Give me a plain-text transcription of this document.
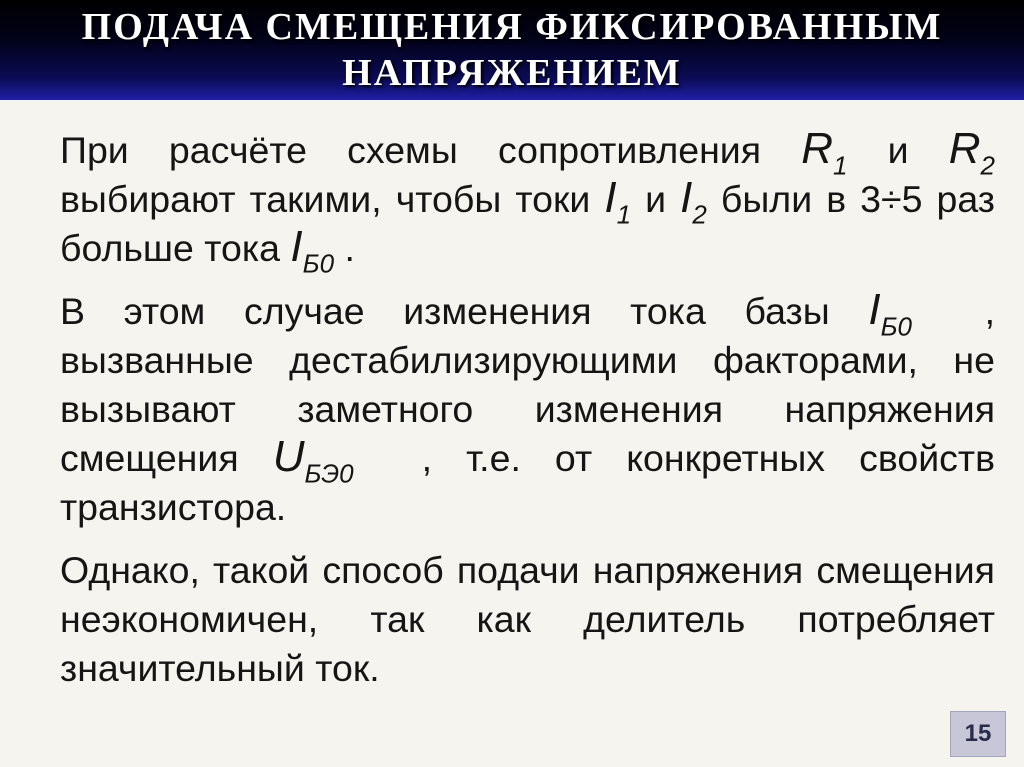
ПОДАЧА СМЕЩЕНИЯ ФИКСИРОВАННЫМ
НАПРЯЖЕНИЕМ

При расчёте схемы сопротивления $R_1$ и $R_2$ выбирают такими, чтобы токи $I_1$ и $I_2$ были в 3÷5 раз больше тока $I_{Б0}$ .

В этом случае изменения тока базы $I_{Б0}$ , вызванные дестабилизирующими факторами, не вызывают заметного изменения напряжения смещения $U_{БЭ0}$ , т.е. от конкретных свойств транзистора.

Однако, такой способ подачи напряжения смещения неэкономичен, так как делитель потребляет значительный ток.

15
